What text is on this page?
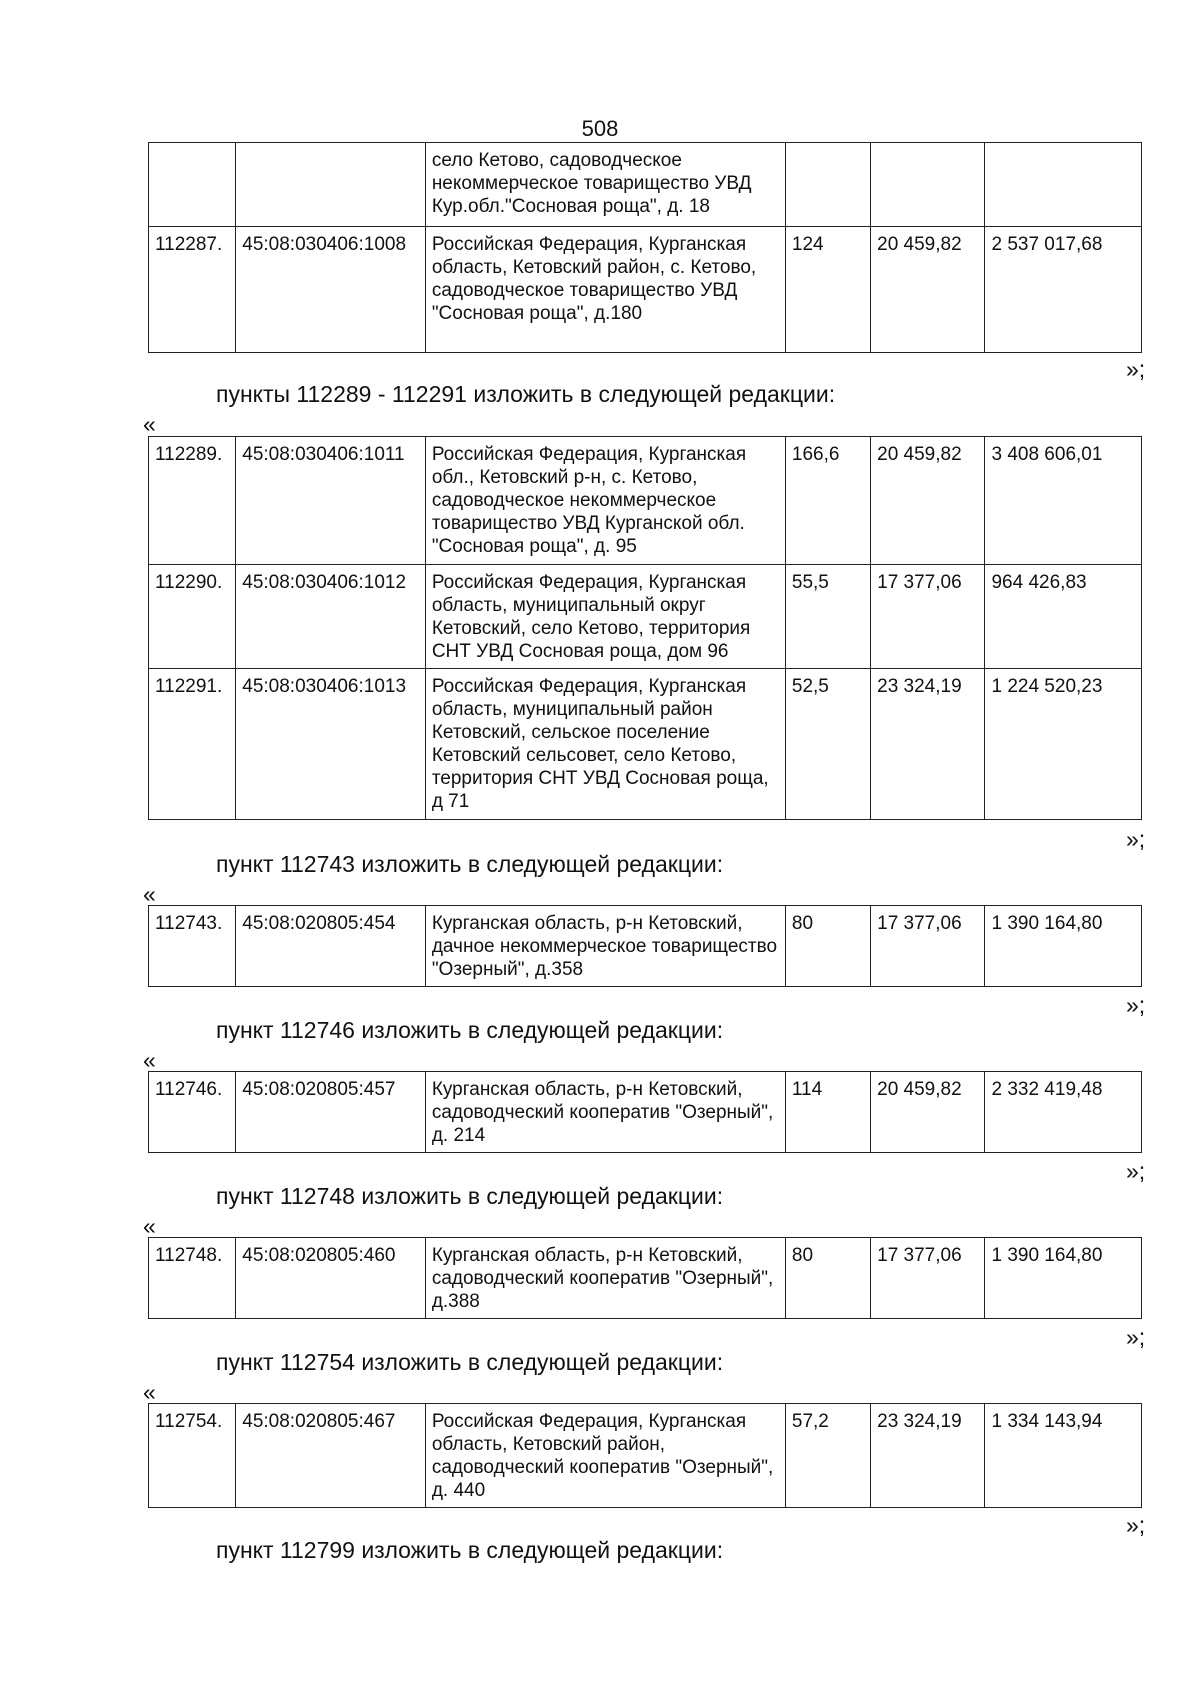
508
		село Кетово, садоводческое некоммерческое товарищество УВД Кур.обл."Сосновая роща", д. 18			
112287.	45:08:030406:1008	Российская Федерация, Курганская область, Кетовский район, с. Кетово, садоводческое товарищество УВД "Сосновая роща", д.180	124	20 459,82	2 537 017,68
»;
пункты 112289 - 112291 изложить в следующей редакции:
«
112289.	45:08:030406:1011	Российская Федерация, Курганская обл., Кетовский р-н, с. Кетово, садоводческое некоммерческое товарищество УВД Курганской обл. "Сосновая роща", д. 95	166,6	20 459,82	3 408 606,01
112290.	45:08:030406:1012	Российская Федерация, Курганская область, муниципальный округ Кетовский, село Кетово, территория СНТ УВД Сосновая роща, дом 96	55,5	17 377,06	964 426,83
112291.	45:08:030406:1013	Российская Федерация, Курганская область, муниципальный район Кетовский, сельское поселение Кетовский сельсовет, село Кетово, территория СНТ УВД Сосновая роща, д 71	52,5	23 324,19	1 224 520,23
»;
пункт 112743 изложить в следующей редакции:
«
112743.	45:08:020805:454	Курганская область, р-н Кетовский, дачное некоммерческое товарищество "Озерный", д.358	80	17 377,06	1 390 164,80
»;
пункт 112746 изложить в следующей редакции:
«
112746.	45:08:020805:457	Курганская область, р-н Кетовский, садоводческий кооператив "Озерный", д. 214	114	20 459,82	2 332 419,48
»;
пункт 112748 изложить в следующей редакции:
«
112748.	45:08:020805:460	Курганская область, р-н Кетовский, садоводческий кооператив "Озерный", д.388	80	17 377,06	1 390 164,80
»;
пункт 112754 изложить в следующей редакции:
«
112754.	45:08:020805:467	Российская Федерация, Курганская область, Кетовский район, садоводческий кооператив "Озерный", д. 440	57,2	23 324,19	1 334 143,94
»;
пункт 112799 изложить в следующей редакции:
